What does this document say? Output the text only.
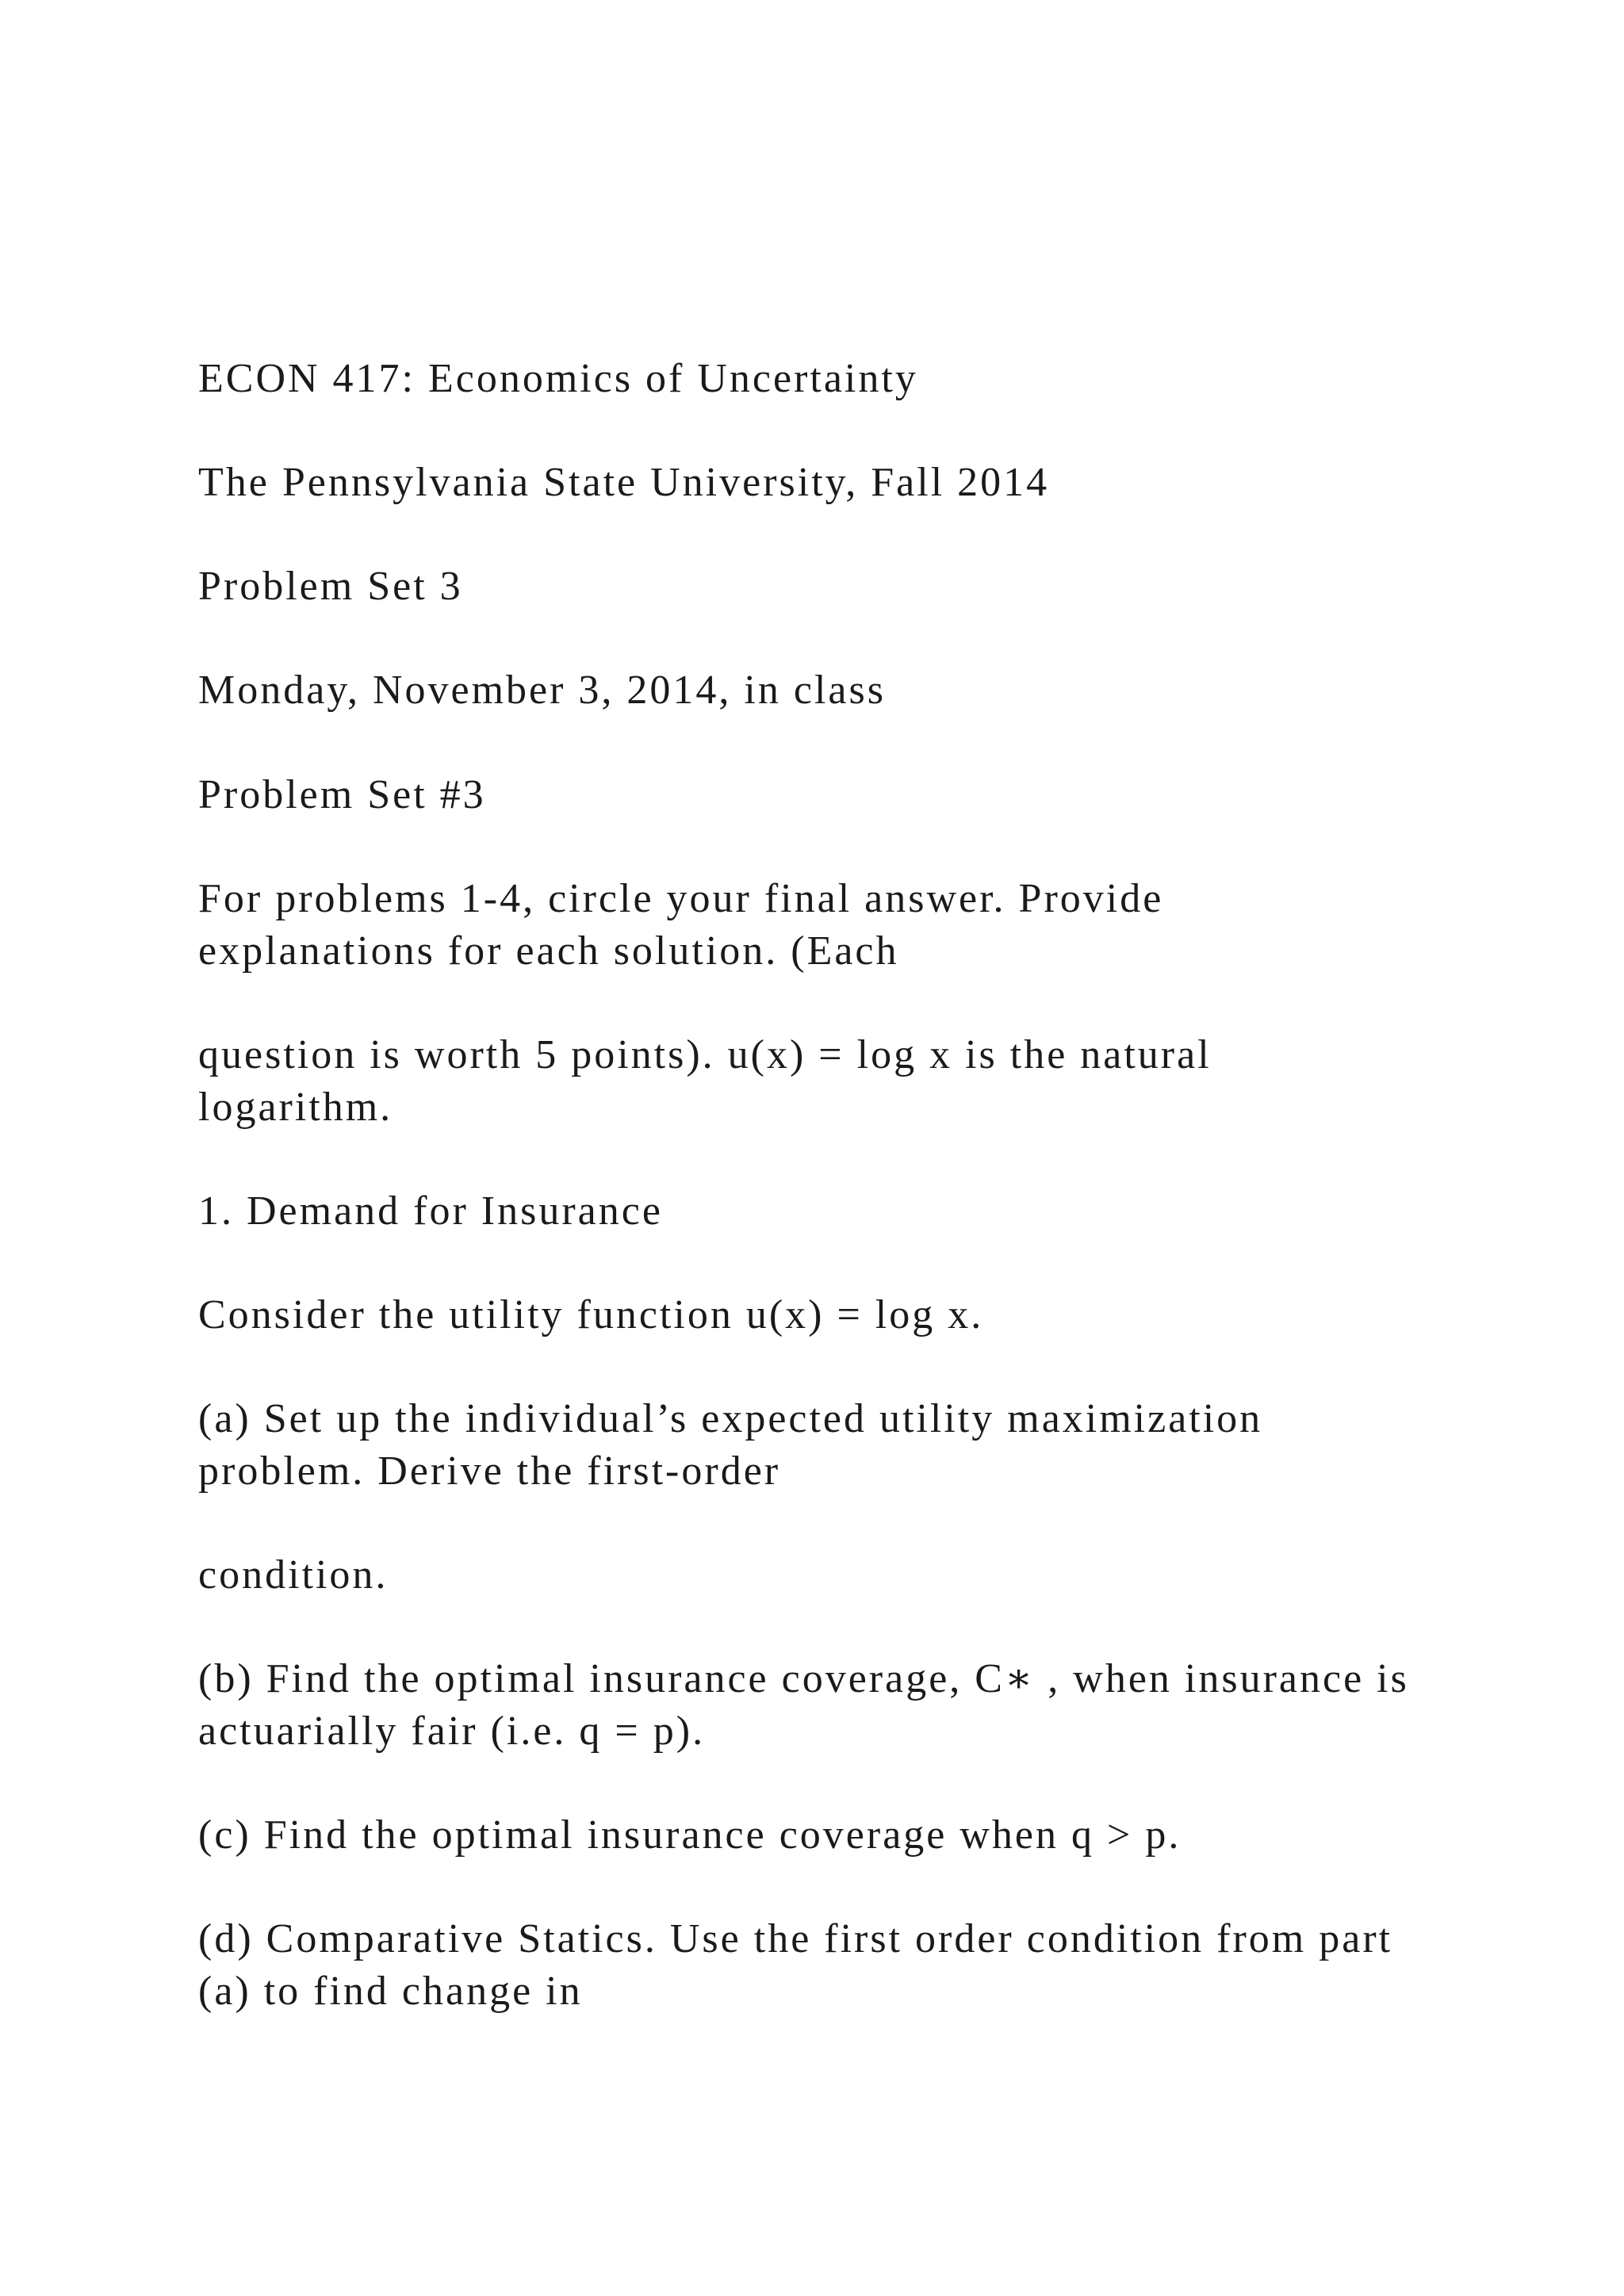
ECON 417: Economics of Uncertainty

The Pennsylvania State University, Fall 2014

Problem Set 3

Monday, November 3, 2014, in class

Problem Set #3

For problems 1-4, circle your final answer. Provide
explanations for each solution. (Each

question is worth 5 points). u(x) = log x is the natural
logarithm.

1. Demand for Insurance

Consider the utility function u(x) = log x.

(a) Set up the individual’s expected utility maximization
problem. Derive the first-order

condition.

(b) Find the optimal insurance coverage, C∗ , when insurance is
actuarially fair (i.e. q = p).

(c) Find the optimal insurance coverage when q > p.

(d) Comparative Statics. Use the first order condition from part
(a) to find change in
